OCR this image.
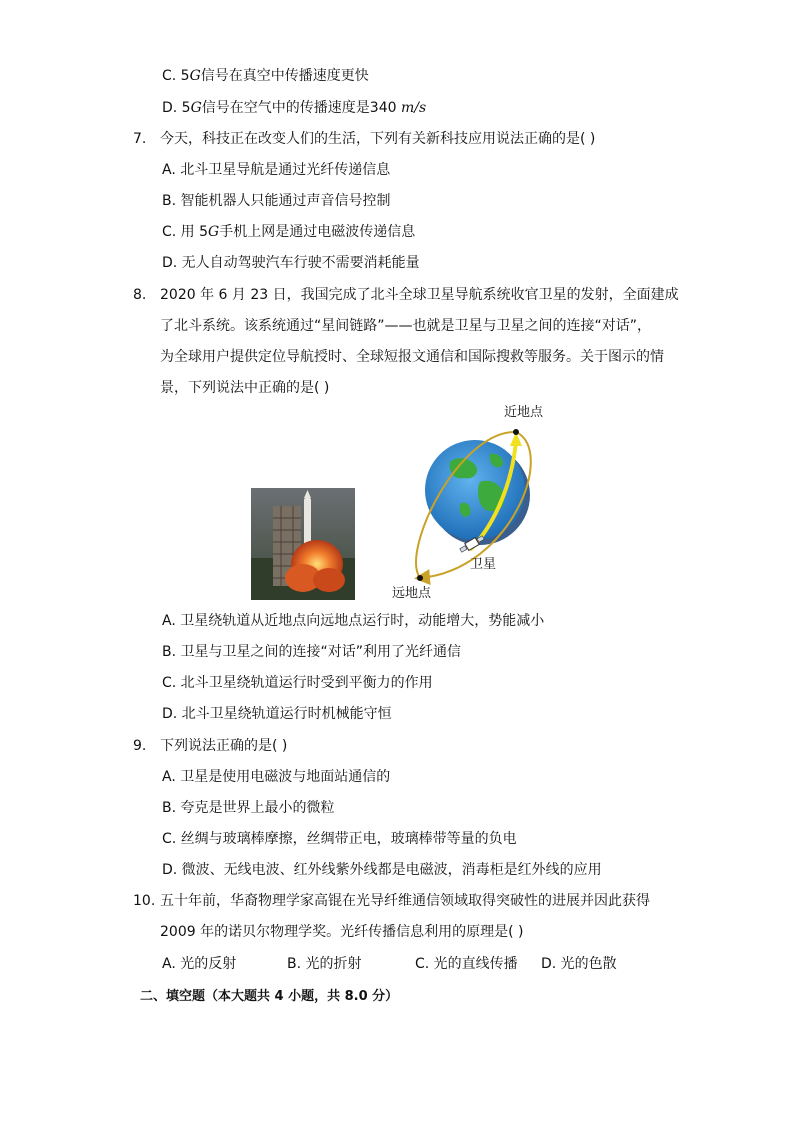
C. 5G信号在真空中传播速度更快
D. 5G信号在空气中的传播速度是340 m/s
7. 今天，科技正在改变人们的生活，下列有关新科技应用说法正确的是( )
A. 北斗卫星导航是通过光纤传递信息
B. 智能机器人只能通过声音信号控制
C. 用 5G手机上网是通过电磁波传递信息
D. 无人自动驾驶汽车行驶不需要消耗能量
8. 2020 年 6 月 23 日，我国完成了北斗全球卫星导航系统收官卫星的发射，全面建成
了北斗系统。该系统通过“星间链路”——也就是卫星与卫星之间的连接“对话”，
为全球用户提供定位导航授时、全球短报文通信和国际搜救等服务。关于图示的情
景，下列说法中正确的是( )
近地点
远地点
卫星
A. 卫星绕轨道从近地点向远地点运行时，动能增大，势能减小
B. 卫星与卫星之间的连接“对话”利用了光纤通信
C. 北斗卫星绕轨道运行时受到平衡力的作用
D. 北斗卫星绕轨道运行时机械能守恒
9. 下列说法正确的是( )
A. 卫星是使用电磁波与地面站通信的
B. 夸克是世界上最小的微粒
C. 丝绸与玻璃棒摩擦，丝绸带正电，玻璃棒带等量的负电
D. 微波、无线电波、红外线紫外线都是电磁波，消毒柜是红外线的应用
10. 五十年前，华裔物理学家高锟在光导纤维通信领域取得突破性的进展并因此获得
2009 年的诺贝尔物理学奖。光纤传播信息利用的原理是( )
A. 光的反射	B. 光的折射	C. 光的直线传播 D. 光的色散
二、填空题（本大题共 4 小题，共 8.0 分）
